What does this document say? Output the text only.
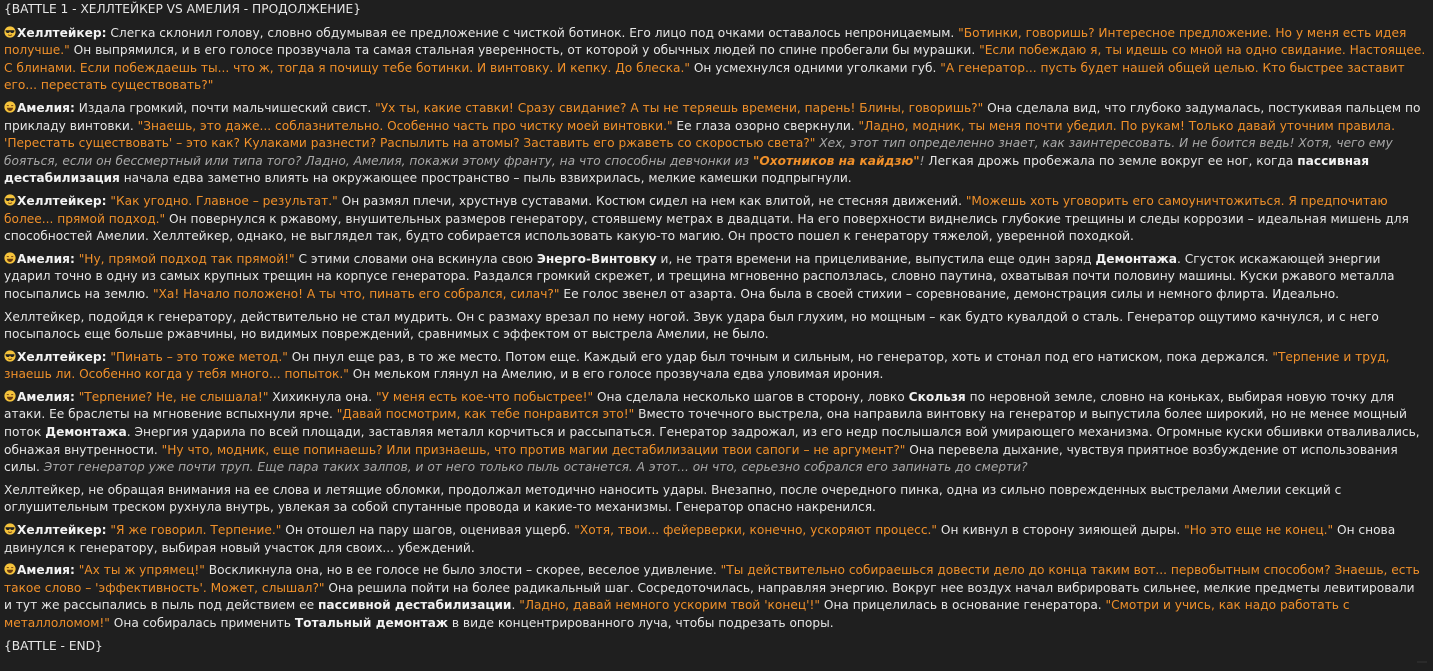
{BATTLE 1 - ХЕЛЛТЕЙКЕР VS АМЕЛИЯ - ПРОДОЛЖЕНИЕ}
Хеллтейкер: Слегка склонил голову, словно обдумывая ее предложение с чисткой ботинок. Его лицо под очками оставалось непроницаемым. "Ботинки, говоришь? Интересное предложение. Но у меня есть идея получше." Он выпрямился, и в его голосе прозвучала та самая стальная уверенность, от которой у обычных людей по спине пробегали бы мурашки. "Если побеждаю я, ты идешь со мной на одно свидание. Настоящее. С блинами. Если побеждаешь ты... что ж, тогда я почищу тебе ботинки. И винтовку. И кепку. До блеска." Он усмехнулся одними уголками губ. "А генератор... пусть будет нашей общей целью. Кто быстрее заставит его... перестать существовать?"
Амелия: Издала громкий, почти мальчишеский свист. "Ух ты, какие ставки! Сразу свидание? А ты не теряешь времени, парень! Блины, говоришь?" Она сделала вид, что глубоко задумалась, постукивая пальцем по прикладу винтовки. "Знаешь, это даже... соблазнительно. Особенно часть про чистку моей винтовки." Ее глаза озорно сверкнули. "Ладно, модник, ты меня почти убедил. По рукам! Только давай уточним правила. 'Перестать существовать' – это как? Кулаками разнести? Распылить на атомы? Заставить его ржаветь со скоростью света?" Хех, этот тип определенно знает, как заинтересовать. И не боится ведь! Хотя, чего ему бояться, если он бессмертный или типа того? Ладно, Амелия, покажи этому франту, на что способны девчонки из "Охотников на кайдзю"! Легкая дрожь пробежала по земле вокруг ее ног, когда пассивная дестабилизация начала едва заметно влиять на окружающее пространство – пыль взвихрилась, мелкие камешки подпрыгнули.
Хеллтейкер: "Как угодно. Главное – результат." Он размял плечи, хрустнув суставами. Костюм сидел на нем как влитой, не стесняя движений. "Можешь хоть уговорить его самоуничтожиться. Я предпочитаю более... прямой подход." Он повернулся к ржавому, внушительных размеров генератору, стоявшему метрах в двадцати. На его поверхности виднелись глубокие трещины и следы коррозии – идеальная мишень для способностей Амелии. Хеллтейкер, однако, не выглядел так, будто собирается использовать какую-то магию. Он просто пошел к генератору тяжелой, уверенной походкой.
Амелия: "Ну, прямой подход так прямой!" С этими словами она вскинула свою Энерго-Винтовку и, не тратя времени на прицеливание, выпустила еще один заряд Демонтажа. Сгусток искажающей энергии ударил точно в одну из самых крупных трещин на корпусе генератора. Раздался громкий скрежет, и трещина мгновенно расползлась, словно паутина, охватывая почти половину машины. Куски ржавого металла посыпались на землю. "Ха! Начало положено! А ты что, пинать его собрался, силач?" Ее голос звенел от азарта. Она была в своей стихии – соревнование, демонстрация силы и немного флирта. Идеально.
Хеллтейкер, подойдя к генератору, действительно не стал мудрить. Он с размаху врезал по нему ногой. Звук удара был глухим, но мощным – как будто кувалдой о сталь. Генератор ощутимо качнулся, и с него посыпалось еще больше ржавчины, но видимых повреждений, сравнимых с эффектом от выстрела Амелии, не было.
Хеллтейкер: "Пинать – это тоже метод." Он пнул еще раз, в то же место. Потом еще. Каждый его удар был точным и сильным, но генератор, хоть и стонал под его натиском, пока держался. "Терпение и труд, знаешь ли. Особенно когда у тебя много... попыток." Он мельком глянул на Амелию, и в его голосе прозвучала едва уловимая ирония.
Амелия: "Терпение? Не, не слышала!" Хихикнула она. "У меня есть кое-что побыстрее!" Она сделала несколько шагов в сторону, ловко Скользя по неровной земле, словно на коньках, выбирая новую точку для атаки. Ее браслеты на мгновение вспыхнули ярче. "Давай посмотрим, как тебе понравится это!" Вместо точечного выстрела, она направила винтовку на генератор и выпустила более широкий, но не менее мощный поток Демонтажа. Энергия ударила по всей площади, заставляя металл корчиться и рассыпаться. Генератор задрожал, из его недр послышался вой умирающего механизма. Огромные куски обшивки отваливались, обнажая внутренности. "Ну что, модник, еще попинаешь? Или признаешь, что против магии дестабилизации твои сапоги – не аргумент?" Она перевела дыхание, чувствуя приятное возбуждение от использования силы. Этот генератор уже почти труп. Еще пара таких залпов, и от него только пыль останется. А этот... он что, серьезно собрался его запинать до смерти?
Хеллтейкер, не обращая внимания на ее слова и летящие обломки, продолжал методично наносить удары. Внезапно, после очередного пинка, одна из сильно поврежденных выстрелами Амелии секций с оглушительным треском рухнула внутрь, увлекая за собой спутанные провода и какие-то механизмы. Генератор опасно накренился.
Хеллтейкер: "Я же говорил. Терпение." Он отошел на пару шагов, оценивая ущерб. "Хотя, твои... фейерверки, конечно, ускоряют процесс." Он кивнул в сторону зияющей дыры. "Но это еще не конец." Он снова двинулся к генератору, выбирая новый участок для своих... убеждений.
Амелия: "Ах ты ж упрямец!" Воскликнула она, но в ее голосе не было злости – скорее, веселое удивление. "Ты действительно собираешься довести дело до конца таким вот... первобытным способом? Знаешь, есть такое слово – 'эффективность'. Может, слышал?" Она решила пойти на более радикальный шаг. Сосредоточилась, направляя энергию. Вокруг нее воздух начал вибрировать сильнее, мелкие предметы левитировали и тут же рассыпались в пыль под действием ее пассивной дестабилизации. "Ладно, давай немного ускорим твой 'конец'!" Она прицелилась в основание генератора. "Смотри и учись, как надо работать с металлоломом!" Она собиралась применить Тотальный демонтаж в виде концентрированного луча, чтобы подрезать опоры.
{BATTLE - END}
